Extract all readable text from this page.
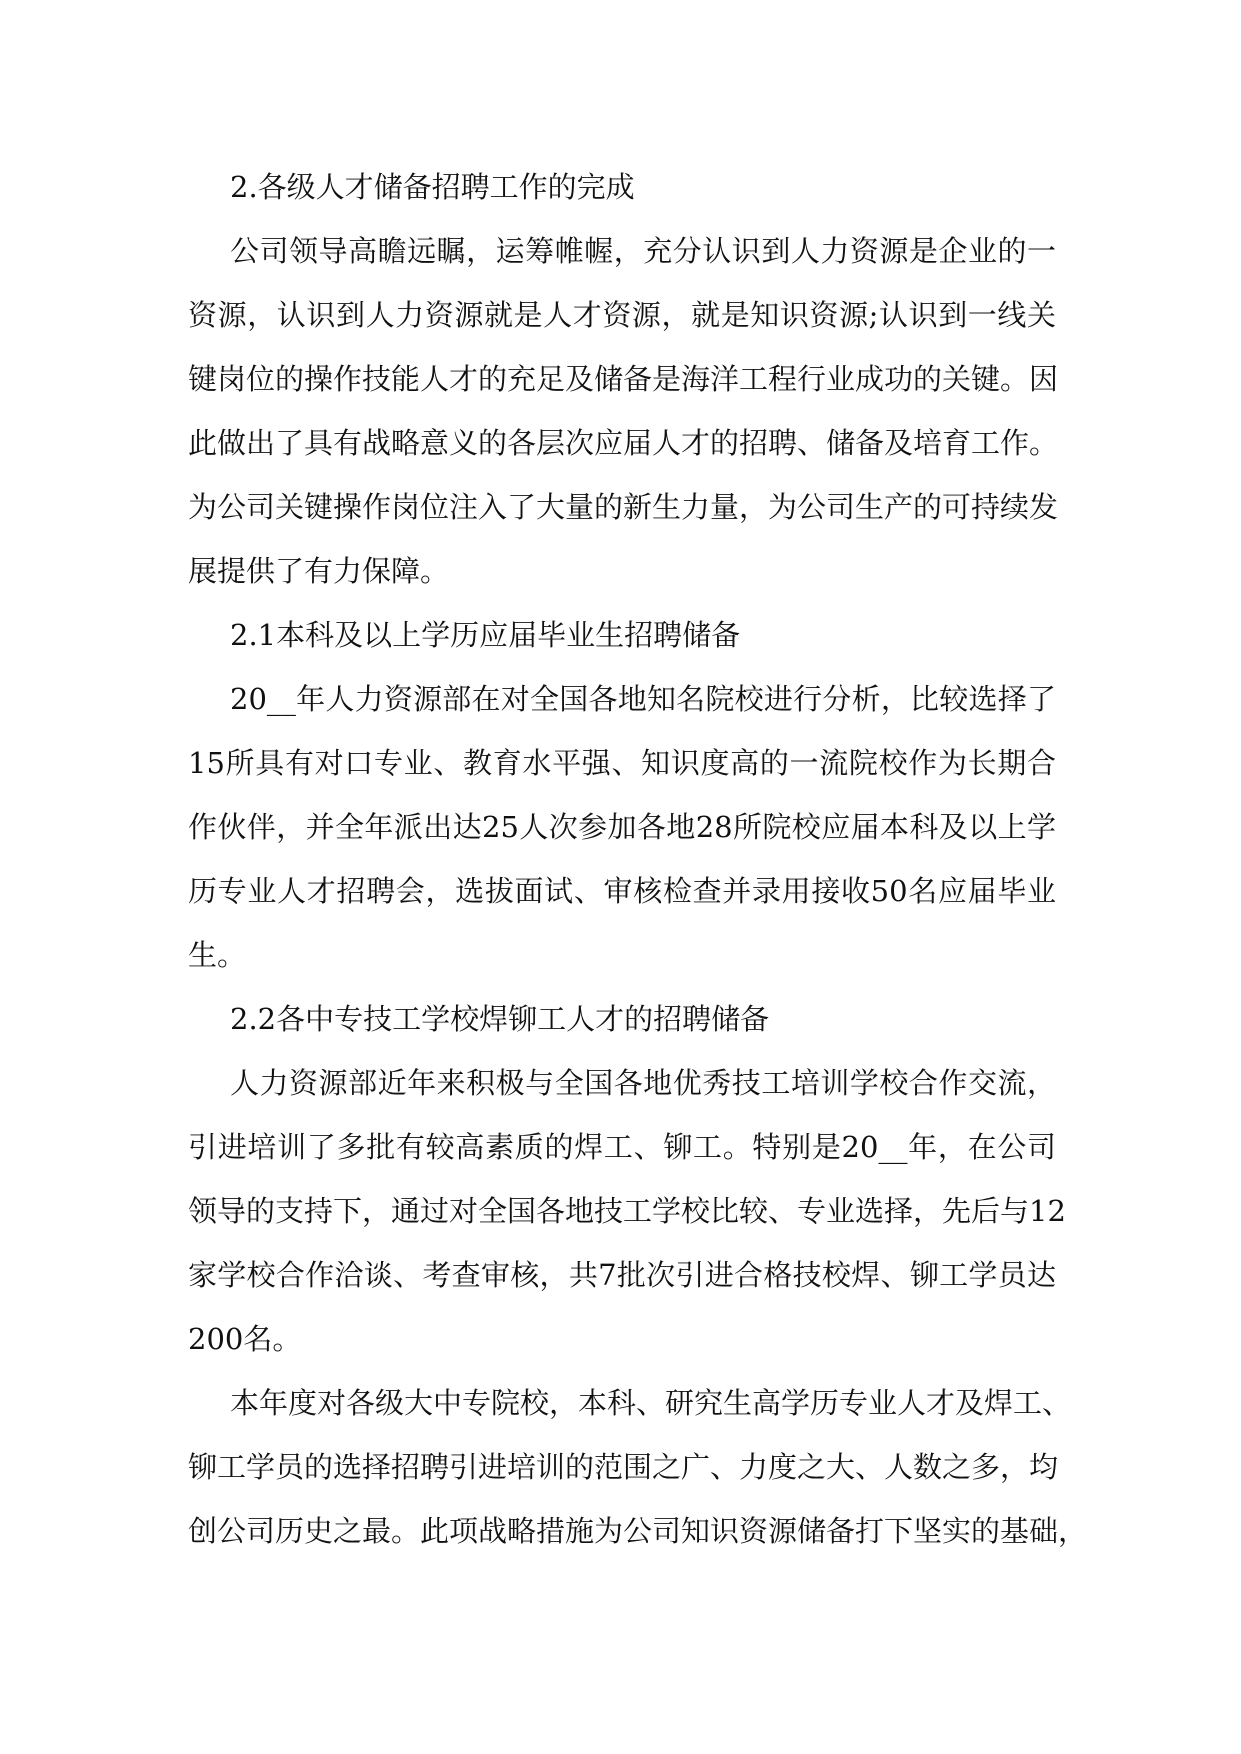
2.各级人才储备招聘工作的完成
公司领导高瞻远瞩，运筹帷幄，充分认识到人力资源是企业的一
资源，认识到人力资源就是人才资源，就是知识资源;认识到一线关
键岗位的操作技能人才的充足及储备是海洋工程行业成功的关键。因
此做出了具有战略意义的各层次应届人才的招聘、储备及培育工作。
为公司关键操作岗位注入了大量的新生力量，为公司生产的可持续发
展提供了有力保障。
2.1本科及以上学历应届毕业生招聘储备
20__年人力资源部在对全国各地知名院校进行分析，比较选择了
15所具有对口专业、教育水平强、知识度高的一流院校作为长期合
作伙伴，并全年派出达25人次参加各地28所院校应届本科及以上学
历专业人才招聘会，选拔面试、审核检查并录用接收50名应届毕业
生。
2.2各中专技工学校焊铆工人才的招聘储备
人力资源部近年来积极与全国各地优秀技工培训学校合作交流，
引进培训了多批有较高素质的焊工、铆工。特别是20__年，在公司
领导的支持下，通过对全国各地技工学校比较、专业选择，先后与12
家学校合作洽谈、考查审核，共7批次引进合格技校焊、铆工学员达
200名。
本年度对各级大中专院校，本科、研究生高学历专业人才及焊工、
铆工学员的选择招聘引进培训的范围之广、力度之大、人数之多，均
创公司历史之最。此项战略措施为公司知识资源储备打下坚实的基础，
